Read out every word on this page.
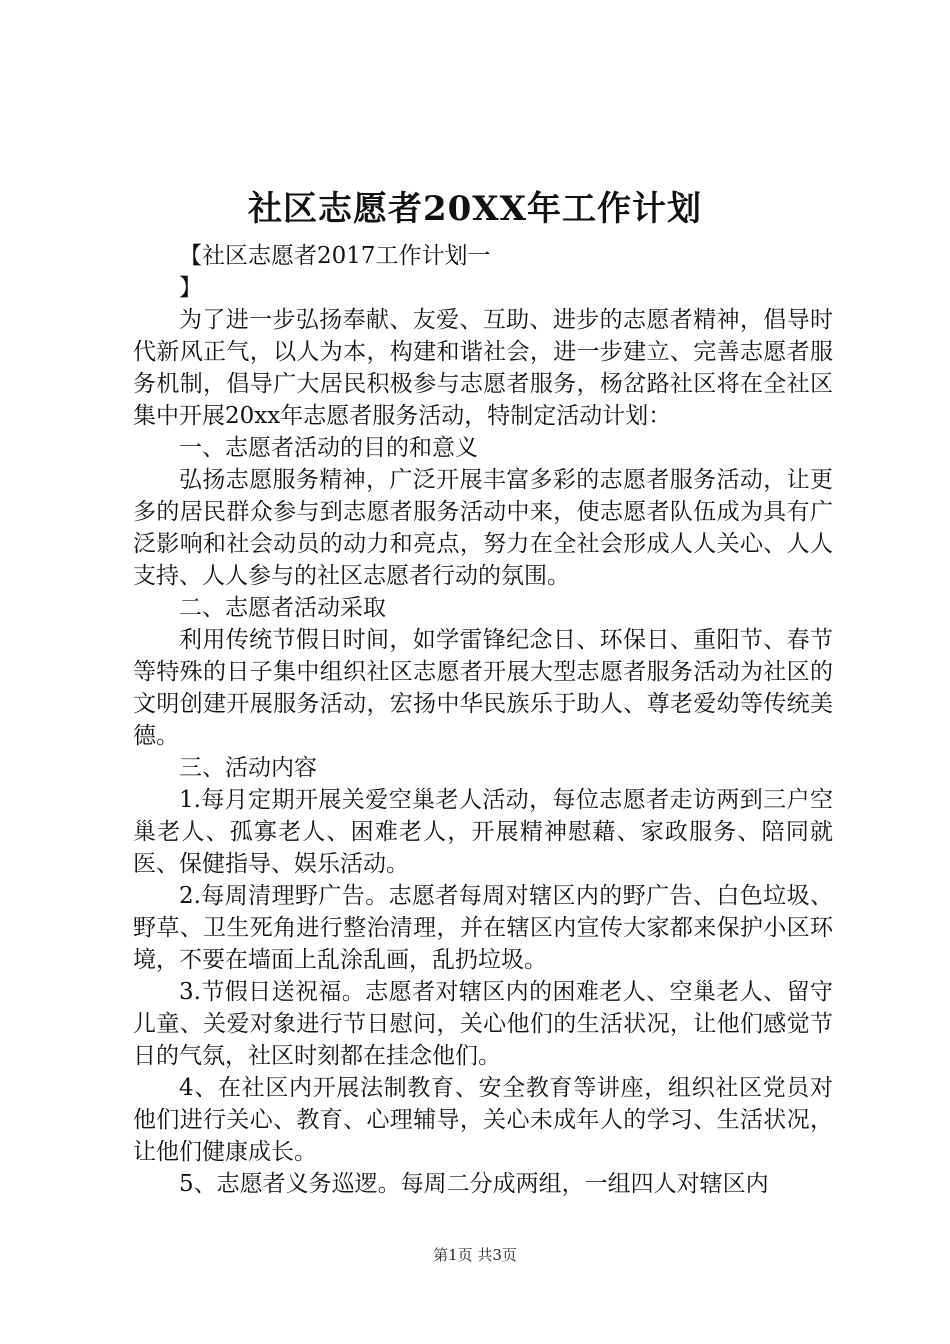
社区志愿者20XX年工作计划

【社区志愿者2017工作计划一

】

为了进一步弘扬奉献、友爱、互助、进步的志愿者精神，倡导时代新风正气，以人为本，构建和谐社会，进一步建立、完善志愿者服务机制，倡导广大居民积极参与志愿者服务，杨岔路社区将在全社区集中开展20xx年志愿者服务活动，特制定活动计划：

一、志愿者活动的目的和意义

弘扬志愿服务精神，广泛开展丰富多彩的志愿者服务活动，让更多的居民群众参与到志愿者服务活动中来，使志愿者队伍成为具有广泛影响和社会动员的动力和亮点，努力在全社会形成人人关心、人人支持、人人参与的社区志愿者行动的氛围。

二、志愿者活动采取

利用传统节假日时间，如学雷锋纪念日、环保日、重阳节、春节等特殊的日子集中组织社区志愿者开展大型志愿者服务活动为社区的文明创建开展服务活动，宏扬中华民族乐于助人、尊老爱幼等传统美德。

三、活动内容

1.每月定期开展关爱空巢老人活动，每位志愿者走访两到三户空巢老人、孤寡老人、困难老人，开展精神慰藉、家政服务、陪同就医、保健指导、娱乐活动。

2.每周清理野广告。志愿者每周对辖区内的野广告、白色垃圾、野草、卫生死角进行整治清理，并在辖区内宣传大家都来保护小区环境，不要在墙面上乱涂乱画，乱扔垃圾。

3.节假日送祝福。志愿者对辖区内的困难老人、空巢老人、留守儿童、关爱对象进行节日慰问，关心他们的生活状况，让他们感觉节日的气氛，社区时刻都在挂念他们。

4、在社区内开展法制教育、安全教育等讲座，组织社区党员对他们进行关心、教育、心理辅导，关心未成年人的学习、生活状况，让他们健康成长。

5、志愿者义务巡逻。每周二分成两组，一组四人对辖区内

第1页 共3页
